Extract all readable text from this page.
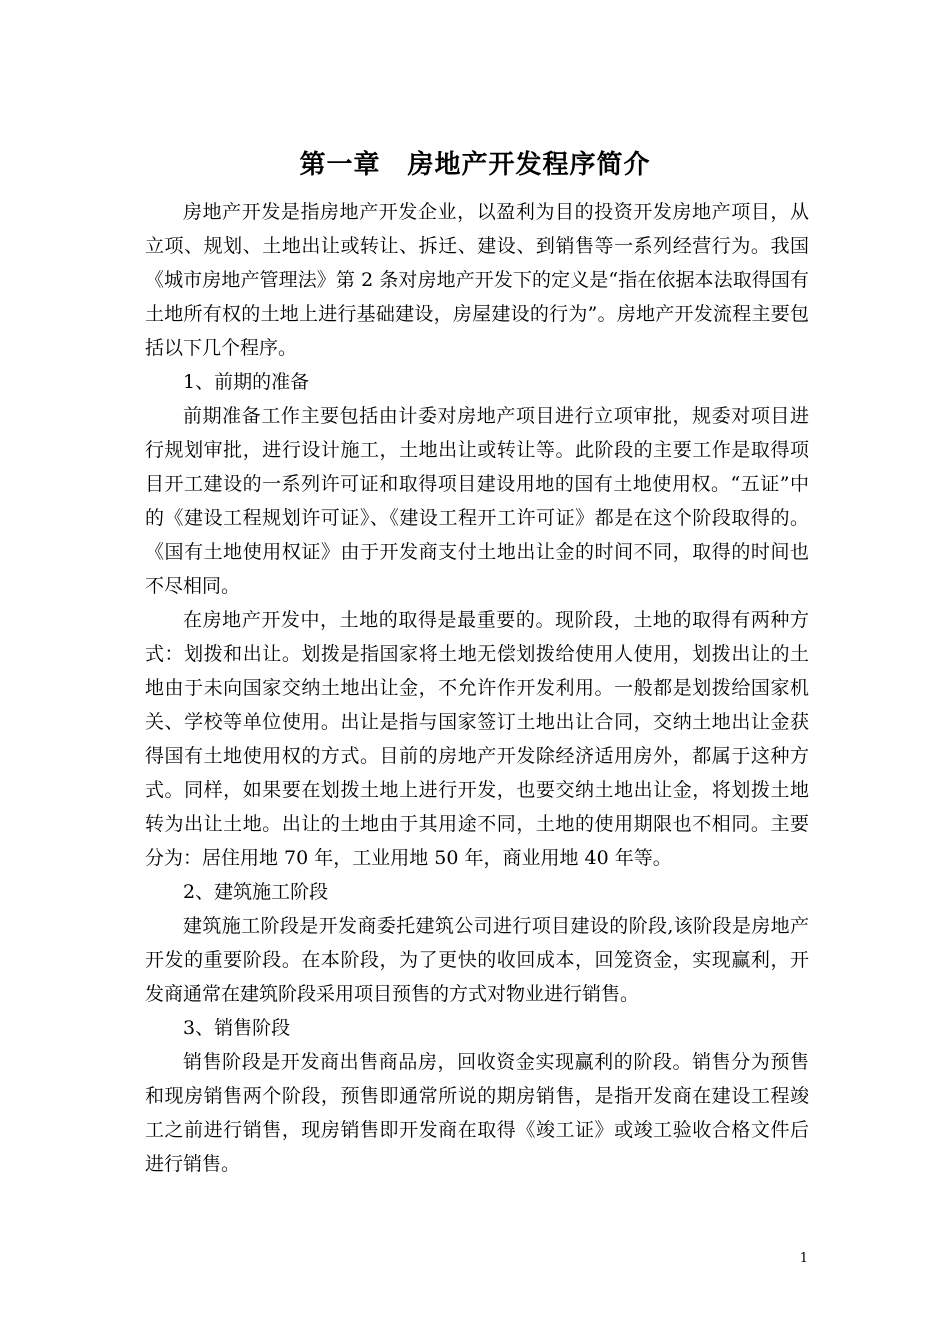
第一章　房地产开发程序简介

房地产开发是指房地产开发企业，以盈利为目的投资开发房地产项目，从立项、规划、土地出让或转让、拆迁、建设、到销售等一系列经营行为。我国《城市房地产管理法》第 2 条对房地产开发下的定义是“指在依据本法取得国有土地所有权的土地上进行基础建设，房屋建设的行为”。房地产开发流程主要包括以下几个程序。

1、前期的准备

前期准备工作主要包括由计委对房地产项目进行立项审批，规委对项目进行规划审批，进行设计施工，土地出让或转让等。此阶段的主要工作是取得项目开工建设的一系列许可证和取得项目建设用地的国有土地使用权。“五证”中的《建设工程规划许可证》、《建设工程开工许可证》都是在这个阶段取得的。《国有土地使用权证》由于开发商支付土地出让金的时间不同，取得的时间也不尽相同。

在房地产开发中，土地的取得是最重要的。现阶段，土地的取得有两种方式：划拨和出让。划拨是指国家将土地无偿划拨给使用人使用，划拨出让的土地由于未向国家交纳土地出让金，不允许作开发利用。一般都是划拨给国家机关、学校等单位使用。出让是指与国家签订土地出让合同，交纳土地出让金获得国有土地使用权的方式。目前的房地产开发除经济适用房外，都属于这种方式。同样，如果要在划拨土地上进行开发，也要交纳土地出让金，将划拨土地转为出让土地。出让的土地由于其用途不同，土地的使用期限也不相同。主要分为：居住用地 70 年，工业用地 50 年，商业用地 40 年等。

2、建筑施工阶段

建筑施工阶段是开发商委托建筑公司进行项目建设的阶段,该阶段是房地产开发的重要阶段。在本阶段，为了更快的收回成本，回笼资金，实现赢利，开发商通常在建筑阶段采用项目预售的方式对物业进行销售。

3、销售阶段

销售阶段是开发商出售商品房，回收资金实现赢利的阶段。销售分为预售和现房销售两个阶段，预售即通常所说的期房销售，是指开发商在建设工程竣工之前进行销售，现房销售即开发商在取得《竣工证》或竣工验收合格文件后进行销售。

1
